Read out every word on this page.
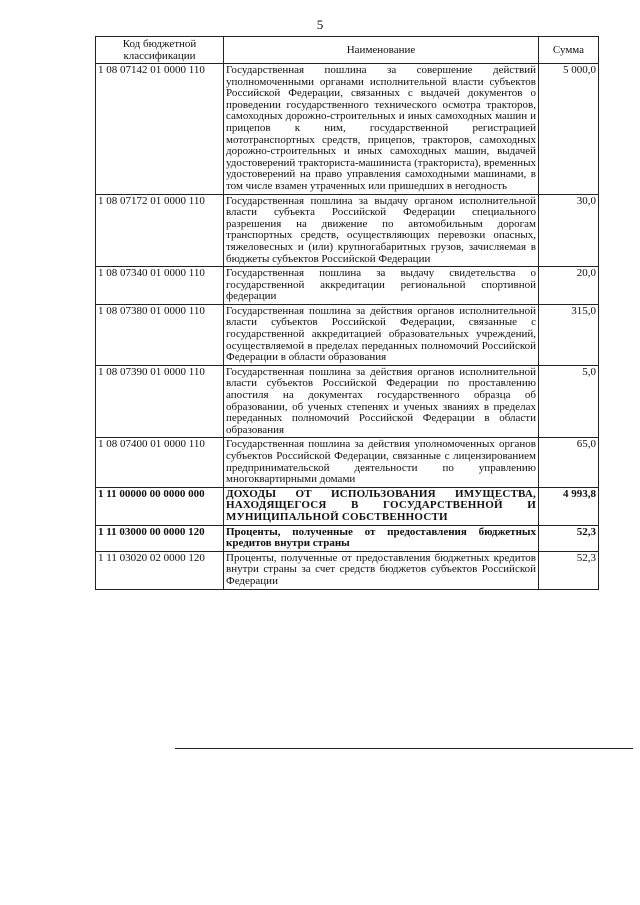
5
Код бюджетной классификации	Наименование	Сумма
1 08 07142 01 0000 110	Государственная пошлина за совершение действий уполномоченными органами исполнительной власти субъектов Российской Федерации, связанных с выдачей документов о проведении государственного технического осмотра тракторов, самоходных дорожно-строительных и иных самоходных машин и прицепов к ним, государственной регистрацией мототранспортных средств, прицепов, тракторов, самоходных дорожно-строительных и иных самоходных машин, выдачей удостоверений тракториста-машиниста (тракториста), временных удостоверений на право управления самоходными машинами, в том числе взамен утраченных или пришедших в негодность	5 000,0
1 08 07172 01 0000 110	Государственная пошлина за выдачу органом исполнительной власти субъекта Российской Федерации специального разрешения на движение по автомобильным дорогам транспортных средств, осуществляющих перевозки опасных, тяжеловесных и (или) крупногабаритных грузов, зачисляемая в бюджеты субъектов Российской Федерации	30,0
1 08 07340 01 0000 110	Государственная пошлина за выдачу свидетельства о государственной аккредитации региональной спортивной федерации	20,0
1 08 07380 01 0000 110	Государственная пошлина за действия органов исполнительной власти субъектов Российской Федерации, связанные с государственной аккредитацией образовательных учреждений, осуществляемой в пределах переданных полномочий Российской Федерации в области образования	315,0
1 08 07390 01 0000 110	Государственная пошлина за действия органов исполнительной власти субъектов Российской Федерации по проставлению апостиля на документах государственного образца об образовании, об ученых степенях и ученых званиях в пределах переданных полномочий Российской Федерации в области образования	5,0
1 08 07400 01 0000 110	Государственная пошлина за действия уполномоченных органов субъектов Российской Федерации, связанные с лицензированием предпринимательской деятельности по управлению многоквартирными домами	65,0
1 11 00000 00 0000 000	ДОХОДЫ ОТ ИСПОЛЬЗОВАНИЯ ИМУЩЕСТВА, НАХОДЯЩЕГОСЯ В ГОСУДАРСТВЕННОЙ И МУНИЦИПАЛЬНОЙ СОБСТВЕННОСТИ	4 993,8
1 11 03000 00 0000 120	Проценты, полученные от предоставления бюджетных кредитов внутри страны	52,3
1 11 03020 02 0000 120	Проценты, полученные от предоставления бюджетных кредитов внутри страны за счет средств бюджетов субъектов Российской Федерации	52,3
